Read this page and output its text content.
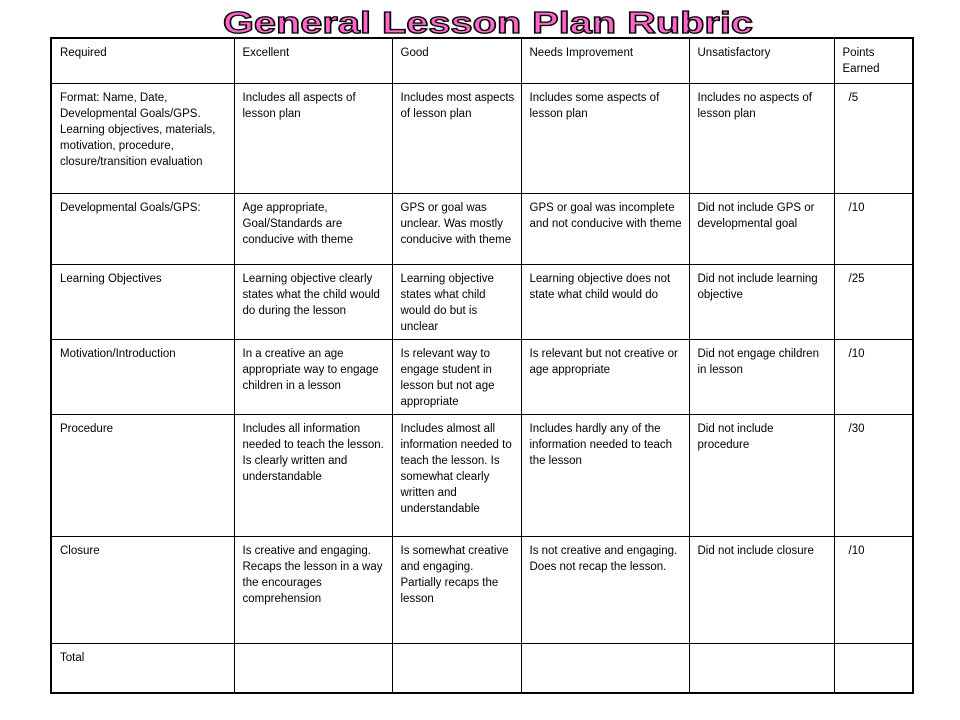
General Lesson Plan Rubric
Required	Excellent	Good	Needs Improvement	Unsatisfactory	Points Earned
Format: Name, Date, Developmental Goals/GPS. Learning objectives, materials, motivation, procedure, closure/transition evaluation	Includes all aspects of lesson plan	Includes most aspects of lesson plan	Includes some aspects of lesson plan	Includes no aspects of lesson plan	/5
Developmental Goals/GPS:	Age appropriate, Goal/Standards are conducive with theme	GPS or goal was unclear. Was mostly conducive with theme	GPS or goal was incomplete and not conducive with theme	Did not include GPS or developmental goal	/10
Learning Objectives	Learning objective clearly states what the child would do during the lesson	Learning objective states what child would do but is unclear	Learning objective does not state what child would do	Did not include learning objective	/25
Motivation/Introduction	In a creative an age appropriate way to engage children in a lesson	Is relevant way to engage student in lesson but not age appropriate	Is relevant but not creative or age appropriate	Did not engage children in lesson	/10
Procedure	Includes all information needed to teach the lesson. Is clearly written and understandable	Includes almost all information needed to teach the lesson. Is somewhat clearly written and understandable	Includes hardly any of the information needed to teach the lesson	Did not include procedure	/30
Closure	Is creative and engaging. Recaps the lesson in a way the encourages comprehension	Is somewhat creative and engaging. Partially recaps the lesson	Is not creative and engaging. Does not recap the lesson.	Did not include closure	/10
Total					
